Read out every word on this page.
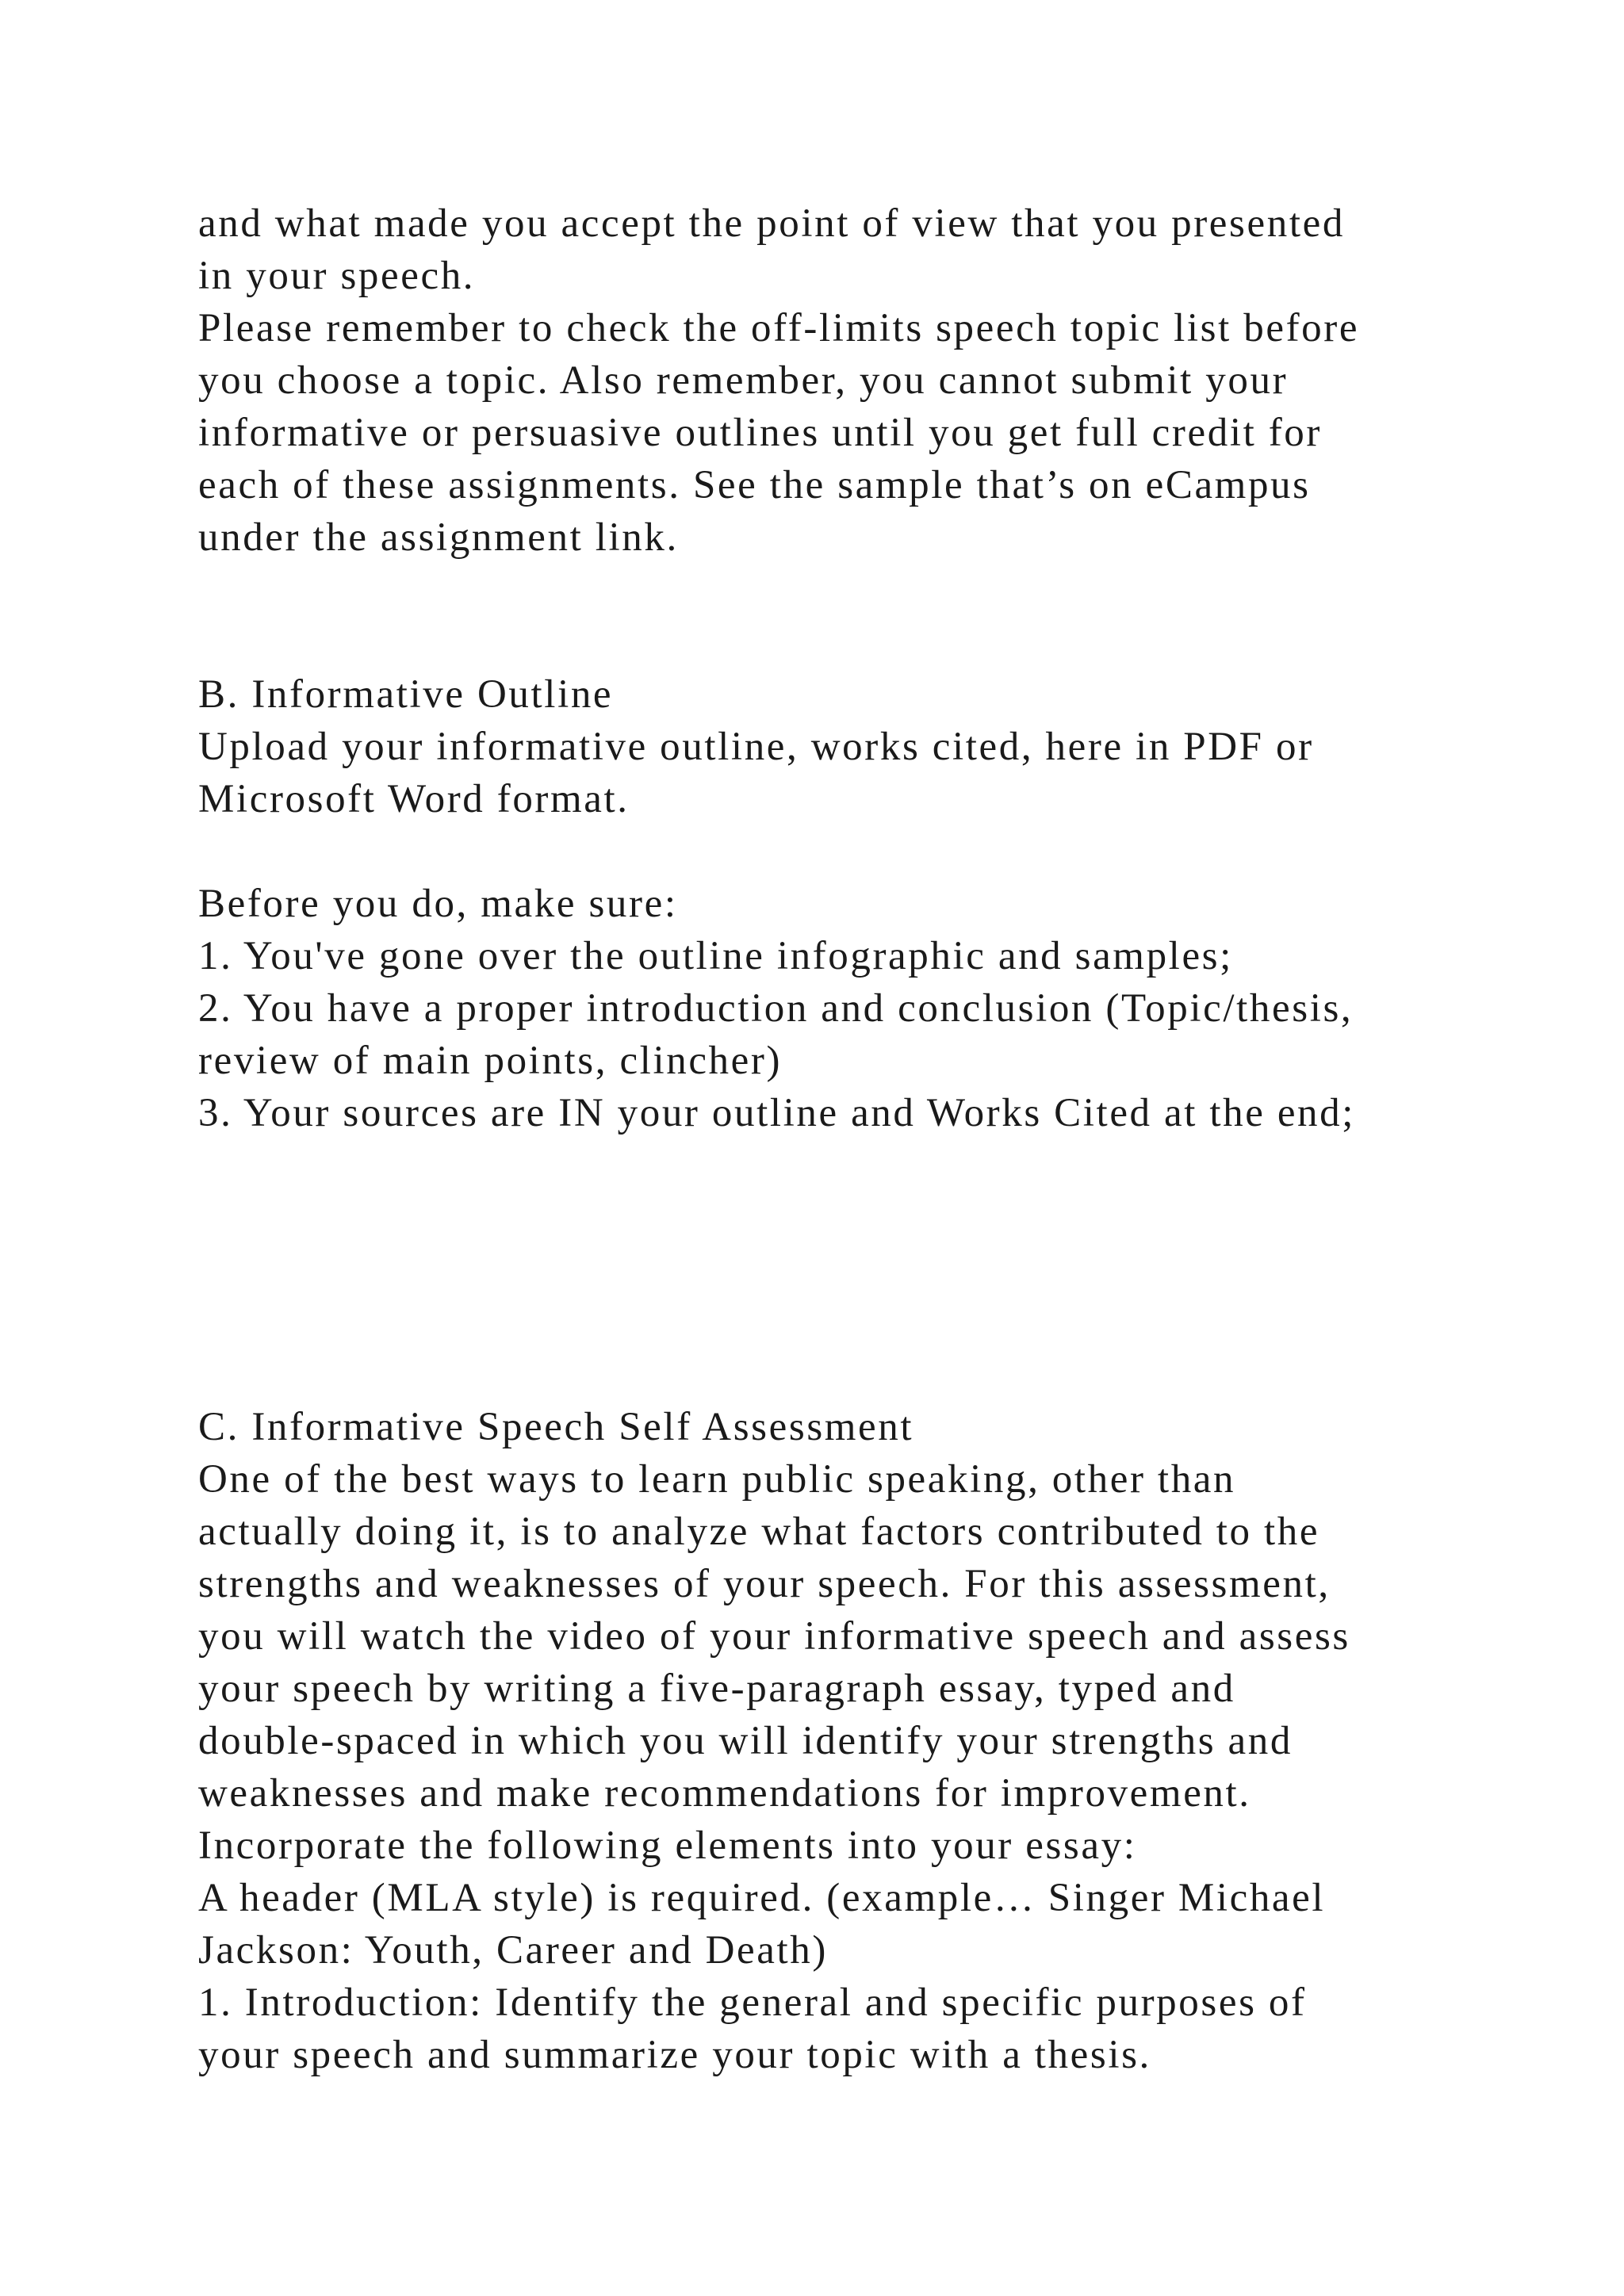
and what made you accept the point of view that you presented
in your speech.
Please remember to check the off-limits speech topic list before
you choose a topic. Also remember, you cannot submit your
informative or persuasive outlines until you get full credit for
each of these assignments. See the sample that’s on eCampus
under the assignment link.
B. Informative Outline
Upload your informative outline, works cited, here in PDF or
Microsoft Word format.
Before you do, make sure:
1. You've gone over the outline infographic and samples;
2. You have a proper introduction and conclusion (Topic/thesis,
review of main points, clincher)
3. Your sources are IN your outline and Works Cited at the end;
C. Informative Speech Self Assessment
One of the best ways to learn public speaking, other than
actually doing it, is to analyze what factors contributed to the
strengths and weaknesses of your speech. For this assessment,
you will watch the video of your informative speech and assess
your speech by writing a five-paragraph essay, typed and
double-spaced in which you will identify your strengths and
weaknesses and make recommendations for improvement.
Incorporate the following elements into your essay:
A header (MLA style) is required. (example… Singer Michael
Jackson: Youth, Career and Death)
1. Introduction: Identify the general and specific purposes of
your speech and summarize your topic with a thesis.
